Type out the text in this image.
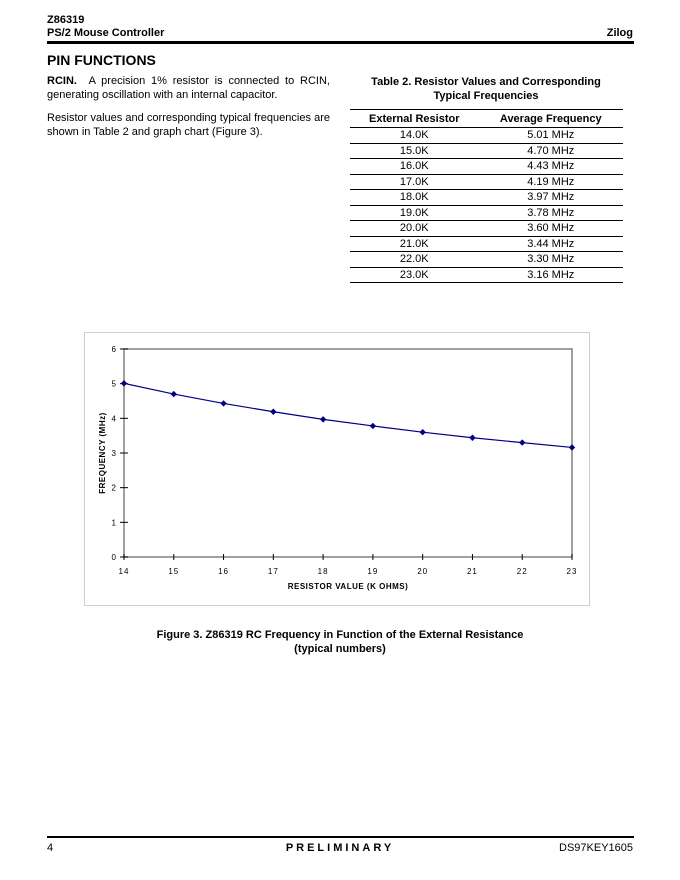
Z86319
PS/2 Mouse Controller	Zilog
PIN FUNCTIONS
RCIN. A precision 1% resistor is connected to RCIN, generating oscillation with an internal capacitor.
Resistor values and corresponding typical frequencies are shown in Table 2 and graph chart (Figure 3).
Table 2. Resistor Values and Corresponding
Typical Frequencies
External Resistor	Average Frequency
14.0K	5.01 MHz
15.0K	4.70 MHz
16.0K	4.43 MHz
17.0K	4.19 MHz
18.0K	3.97 MHz
19.0K	3.78 MHz
20.0K	3.60 MHz
21.0K	3.44 MHz
22.0K	3.30 MHz
23.0K	3.16 MHz
0
1
2
3
4
5
6
14	15	16	17	18	19	20	21	22	23
RESISTOR VALUE (K OHMS)
FREQUENCY (MHz)
Figure 3. Z86319 RC Frequency in Function of the External Resistance
(typical numbers)
4	PRELIMINARY	DS97KEY1605
